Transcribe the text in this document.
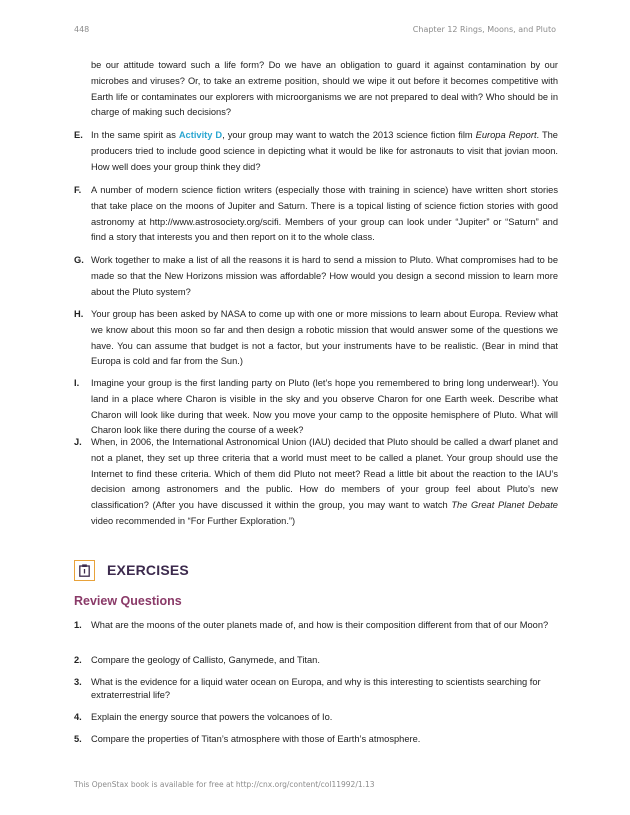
448	Chapter 12 Rings, Moons, and Pluto

be our attitude toward such a life form? Do we have an obligation to guard it against contamination by our microbes and viruses? Or, to take an extreme position, should we wipe it out before it becomes competitive with Earth life or contaminates our explorers with microorganisms we are not prepared to deal with? Who should be in charge of making such decisions?

E. In the same spirit as Activity D, your group may want to watch the 2013 science fiction film Europa Report. The producers tried to include good science in depicting what it would be like for astronauts to visit that jovian moon. How well does your group think they did?
F.	A number of modern science fiction writers (especially those with training in science) have written short stories that take place on the moons of Jupiter and Saturn. There is a topical listing of science fiction stories with good astronomy at http://www.astrosociety.org/scifi. Members of your group can look under “Jupiter” or “Saturn” and find a story that interests you and then report on it to the whole class.
G. Work together to make a list of all the reasons it is hard to send a mission to Pluto. What compromises had to be made so that the New Horizons mission was affordable? How would you design a second mission to learn more about the Pluto system?
H. Your group has been asked by NASA to come up with one or more missions to learn about Europa. Review what we know about this moon so far and then design a robotic mission that would answer some of the questions we have. You can assume that budget is not a factor, but your instruments have to be realistic. (Bear in mind that Europa is cold and far from the Sun.)
I.	Imagine your group is the first landing party on Pluto (let’s hope you remembered to bring long underwear!). You land in a place where Charon is visible in the sky and you observe Charon for one Earth week. Describe what Charon will look like during that week. Now you move your camp to the opposite hemisphere of Pluto. What will Charon look like there during the course of a week?
J. When, in 2006, the International Astronomical Union (IAU) decided that Pluto should be called a dwarf planet and not a planet, they set up three criteria that a world must meet to be called a planet. Your group should use the Internet to find these criteria. Which of them did Pluto not meet? Read a little bit about the reaction to the IAU’s decision among astronomers and the public. How do members of your group feel about Pluto’s new classification? (After you have discussed it within the group, you may want to watch The Great Planet Debate video recommended in “For Further Exploration.”)
EXERCISES
Review Questions
1. What are the moons of the outer planets made of, and how is their composition different from that of our Moon?
2. Compare the geology of Callisto, Ganymede, and Titan.
3. What is the evidence for a liquid water ocean on Europa, and why is this interesting to scientists searching for extraterrestrial life?
4. Explain the energy source that powers the volcanoes of Io.
5. Compare the properties of Titan’s atmosphere with those of Earth’s atmosphere.
This OpenStax book is available for free at http://cnx.org/content/col11992/1.13
